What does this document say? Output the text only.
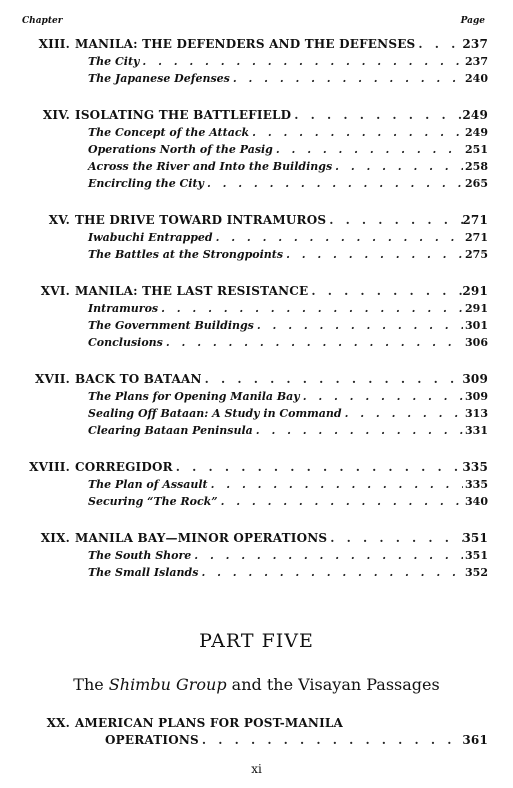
Chapter	Page
XIII. MANILA: THE DEFENDERS AND THE DEFENSES . . .	237
The City . . .	237
The Japanese Defenses . . .	240
XIV. ISOLATING THE BATTLEFIELD . . .	249
The Concept of the Attack . . .	249
Operations North of the Pasig . . .	251
Across the River and Into the Buildings . . .	258
Encircling the City . . .	265
XV. THE DRIVE TOWARD INTRAMUROS . . .	271
Iwabuchi Entrapped . . .	271
The Battles at the Strongpoints . . .	275
XVI. MANILA: THE LAST RESISTANCE . . .	291
Intramuros . . .	291
The Government Buildings . . .	301
Conclusions . . .	306
XVII. BACK TO BATAAN . . .	309
The Plans for Opening Manila Bay . . .	309
Sealing Off Bataan: A Study in Command . . .	313
Clearing Bataan Peninsula . . .	331
XVIII. CORREGIDOR . . .	335
The Plan of Assault . . .	335
Securing “The Rock” . . .	340
XIX. MANILA BAY—MINOR OPERATIONS . . .	351
The South Shore . . .	351
The Small Islands . . .	352
PART FIVE
The Shimbu Group and the Visayan Passages
XX. AMERICAN PLANS FOR POST-MANILA
OPERATIONS . . .	361
xi
